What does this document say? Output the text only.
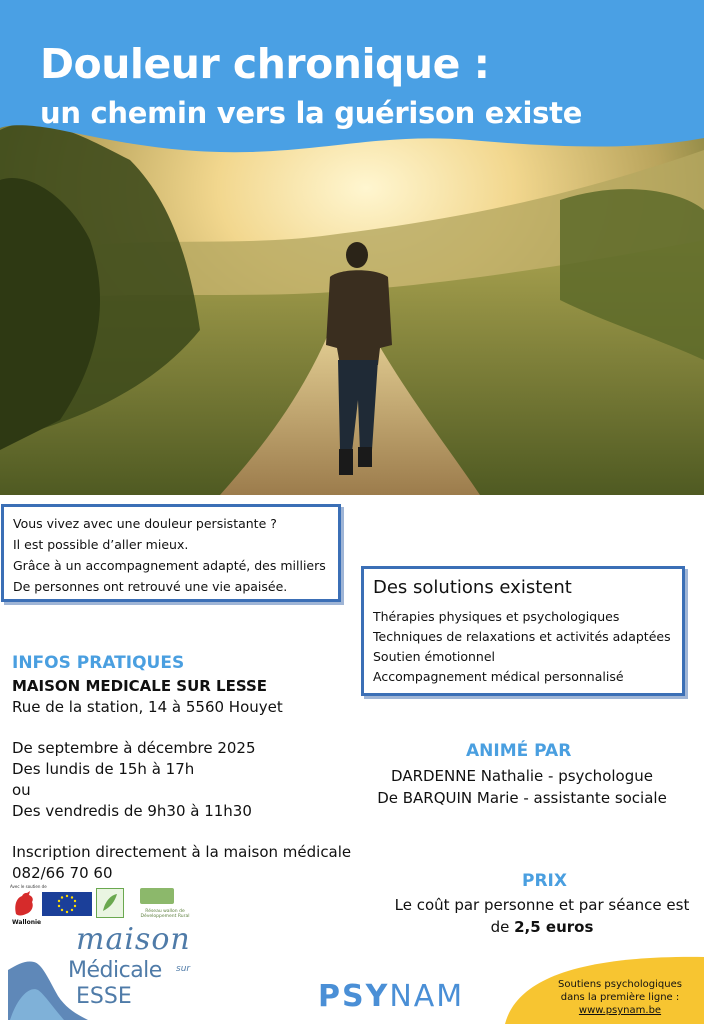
Douleur chronique :
un chemin vers la guérison existe
Vous vivez avec une douleur persistante ?
Il est possible d’aller mieux.
Grâce à un accompagnement adapté, des milliers
De personnes ont retrouvé une vie apaisée.	Des solutions existent
Thérapies physiques et psychologiques
Techniques de relaxations et activités adaptées
Soutien émotionnel
Accompagnement médical personnalisé
INFOS PRATIQUES
MAISON MEDICALE SUR LESSE
Rue de la station, 14 à 5560 Houyet
De septembre à décembre 2025
Des lundis de 15h à 17h
ou
Des vendredis de 9h30 à 11h30
Inscription directement à la maison médicale
082/66 70 60
ANIMÉ PAR
DARDENNE Nathalie - psychologue
De BARQUIN Marie - assistante sociale
PRIX
Le coût par personne et par séance est
de 2,5 euros
Avec le soutien de
Wallonie
Réseau wallon de Développement Rural
maison
Médicale sur
ESSE	PSYNAM	Soutiens psychologiques
dans la première ligne :
www.psynam.be
